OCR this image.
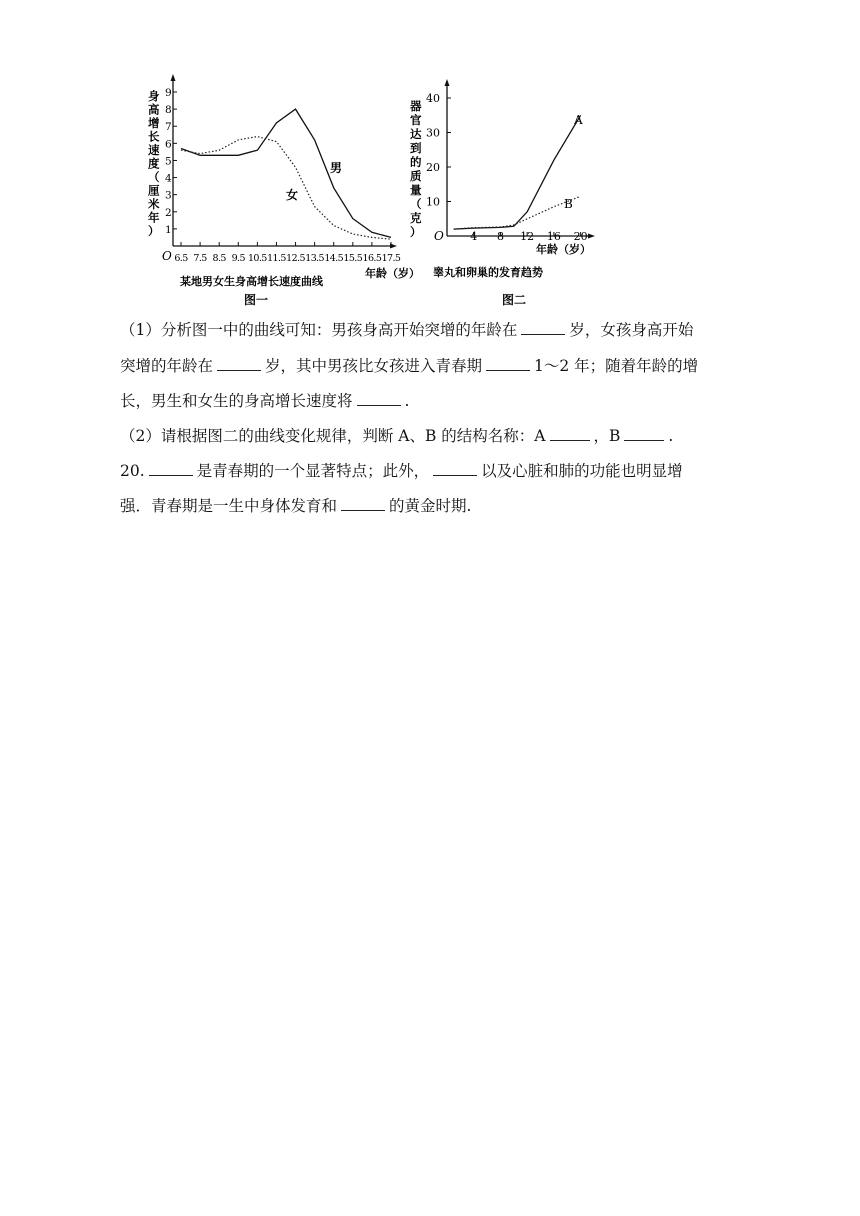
身
高
增
长
速
度
（
厘
米
年
） 1
2
3
4
5
6
7
8
9
6.5 7.5 8.5 9.5 10.5 11.5 12.5 13.5 14.5 15.5 16.5 17.5
O
男
女
年龄（岁）
某地男女生身高增长速度曲线
图一
器
官
达
到
的
质
量
（
克
）
10
20
30
40
4 8 12 16 20
O
A
B
年龄（岁）
睾丸和卵巢的发育趋势
图二
（1）分析图一中的曲线可知：男孩身高开始突增的年龄在	岁，女孩身高开始
突增的年龄在	岁，其中男孩比女孩进入青春期	1～2 年；随着年龄的增
长，男生和女生的身高增长速度将	.
（2）请根据图二的曲线变化规律，判断 A、B 的结构名称：A	，B	.
20.	是青春期的一个显著特点；此外，	以及心脏和肺的功能也明显增
强．青春期是一生中身体发育和	的黄金时期.
